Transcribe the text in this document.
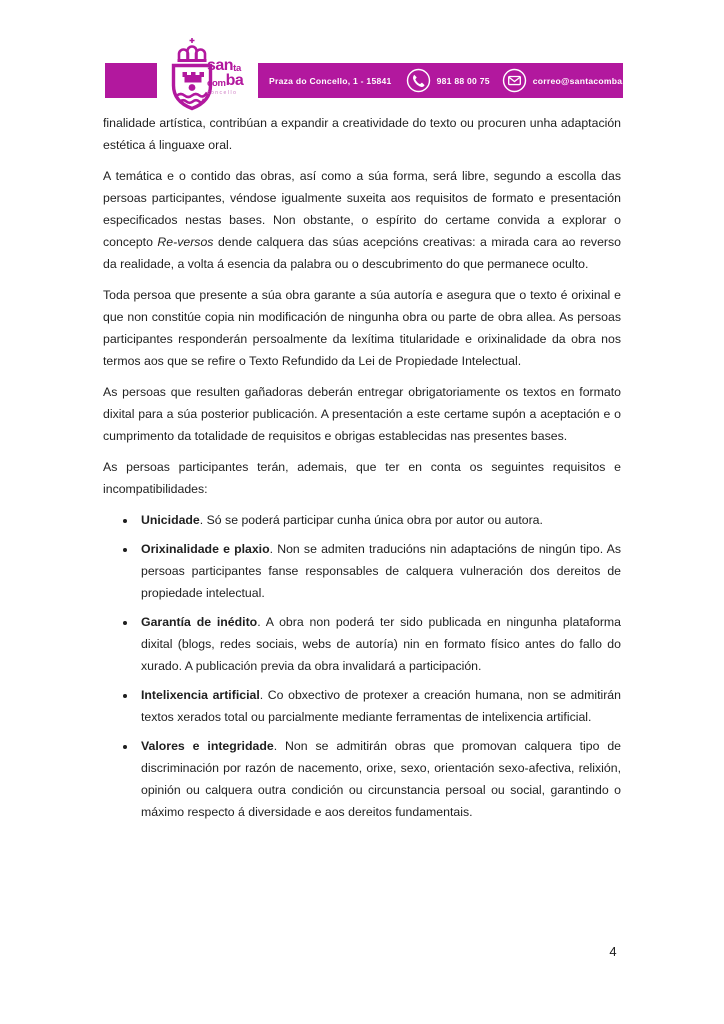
san ta
com ba
concello
Praza do Concello, 1 - 15841	981 88 00 75	correo@santacomba.es

finalidade artística, contribúan a expandir a creatividade do texto ou procuren unha adaptación estética á linguaxe oral.

A temática e o contido das obras, así como a súa forma, será libre, segundo a escolla das persoas participantes, véndose igualmente suxeita aos requisitos de formato e presentación especificados nestas bases. Non obstante, o espírito do certame convida a explorar o concepto Re-versos dende calquera das súas acepcións creativas: a mirada cara ao reverso da realidade, a volta á esencia da palabra ou o descubrimento do que permanece oculto.

Toda persoa que presente a súa obra garante a súa autoría e asegura que o texto é orixinal e que non constitúe copia nin modificación de ningunha obra ou parte de obra allea. As persoas participantes responderán persoalmente da lexítima titularidade e orixinalidade da obra nos termos aos que se refire o Texto Refundido da Lei de Propiedade Intelectual.

As persoas que resulten gañadoras deberán entregar obrigatoriamente os textos en formato dixital para a súa posterior publicación. A presentación a este certame supón a aceptación e o cumprimento da totalidade de requisitos e obrigas establecidas nas presentes bases.

As persoas participantes terán, ademais, que ter en conta os seguintes requisitos e incompatibilidades:

• Unicidade. Só se poderá participar cunha única obra por autor ou autora.
• Orixinalidade e plaxio. Non se admiten traducións nin adaptacións de ningún tipo. As persoas participantes fanse responsables de calquera vulneración dos dereitos de propiedade intelectual.
• Garantía de inédito. A obra non poderá ter sido publicada en ningunha plataforma dixital (blogs, redes sociais, webs de autoría) nin en formato físico antes do fallo do xurado. A publicación previa da obra invalidará a participación.
• Intelixencia artificial. Co obxectivo de protexer a creación humana, non se admitirán textos xerados total ou parcialmente mediante ferramentas de intelixencia artificial.
• Valores e integridade. Non se admitirán obras que promovan calquera tipo de discriminación por razón de nacemento, orixe, sexo, orientación sexo-afectiva, relixión, opinión ou calquera outra condición ou circunstancia persoal ou social, garantindo o máximo respecto á diversidade e aos dereitos fundamentais.
4
